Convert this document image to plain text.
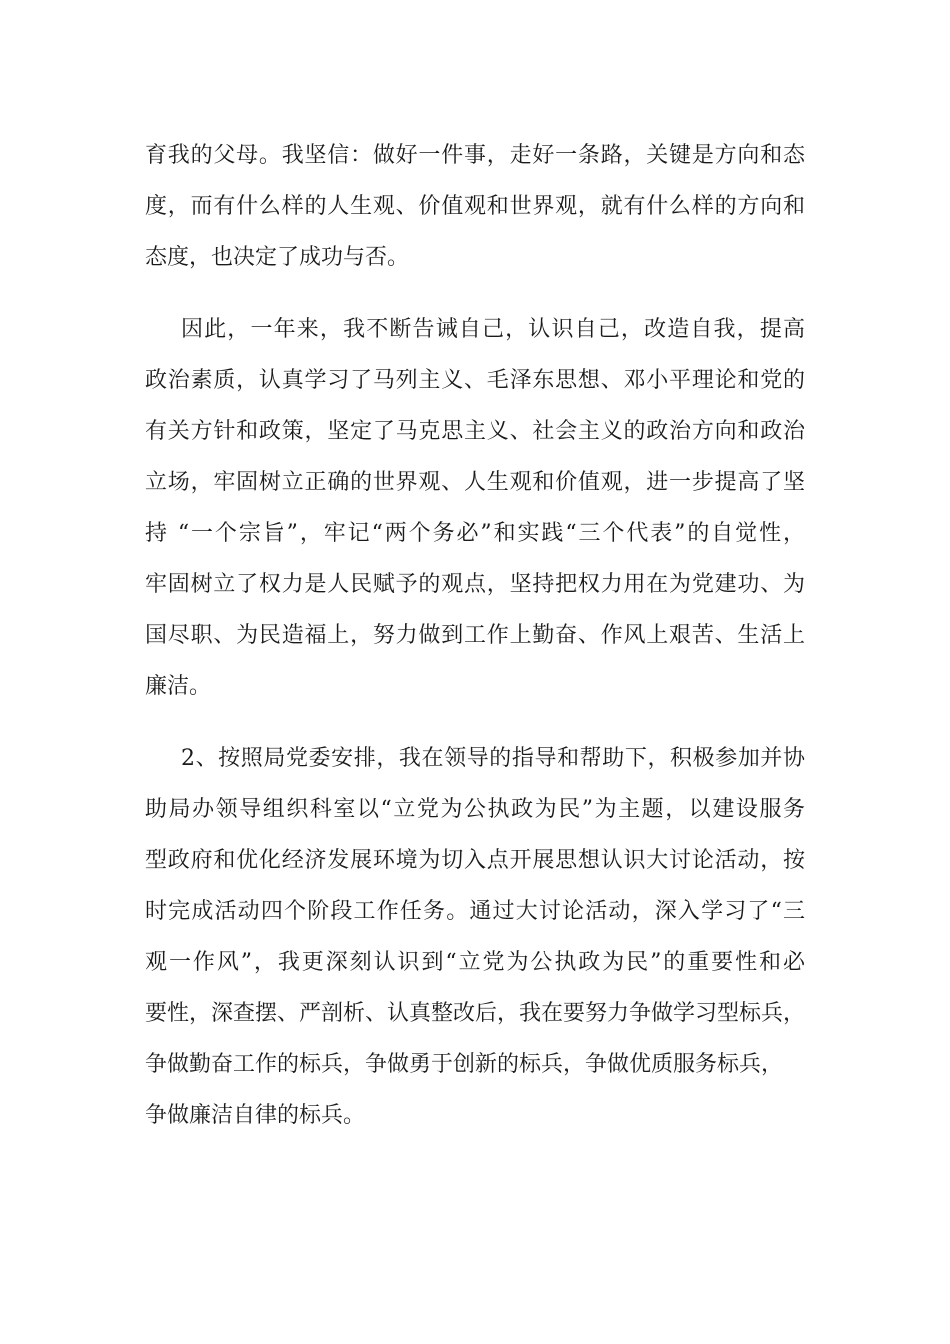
育我的父母。我坚信：做好一件事，走好一条路，关键是方向和态
度，而有什么样的人生观、价值观和世界观，就有什么样的方向和
态度，也决定了成功与否。
因此，一年来，我不断告诫自己，认识自己，改造自我，提高
政治素质，认真学习了马列主义、毛泽东思想、邓小平理论和党的
有关方针和政策，坚定了马克思主义、社会主义的政治方向和政治
立场，牢固树立正确的世界观、人生观和价值观，进一步提高了坚
持 “一个宗旨”，牢记“两个务必”和实践“三个代表”的自觉性，
牢固树立了权力是人民赋予的观点，坚持把权力用在为党建功、为
国尽职、为民造福上，努力做到工作上勤奋、作风上艰苦、生活上
廉洁。
2、按照局党委安排，我在领导的指导和帮助下，积极参加并协
助局办领导组织科室以“立党为公执政为民”为主题，以建设服务
型政府和优化经济发展环境为切入点开展思想认识大讨论活动，按
时完成活动四个阶段工作任务。通过大讨论活动，深入学习了“三
观一作风”，我更深刻认识到“立党为公执政为民”的重要性和必
要性，深查摆、严剖析、认真整改后，我在要努力争做学习型标兵，
争做勤奋工作的标兵，争做勇于创新的标兵，争做优质服务标兵，
争做廉洁自律的标兵。
